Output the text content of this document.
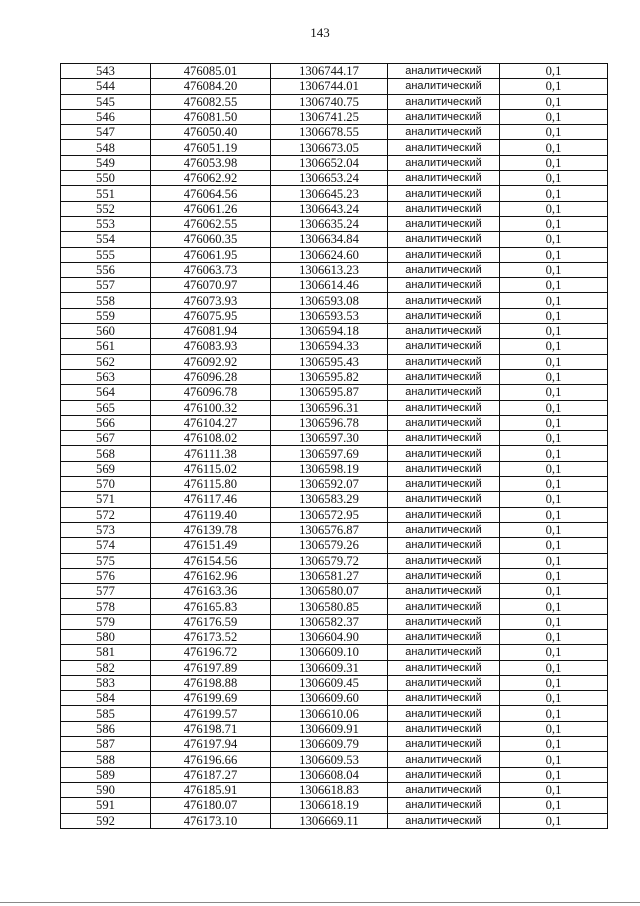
143
543	476085.01	1306744.17	аналитический	0,1
544	476084.20	1306744.01	аналитический	0,1
545	476082.55	1306740.75	аналитический	0,1
546	476081.50	1306741.25	аналитический	0,1
547	476050.40	1306678.55	аналитический	0,1
548	476051.19	1306673.05	аналитический	0,1
549	476053.98	1306652.04	аналитический	0,1
550	476062.92	1306653.24	аналитический	0,1
551	476064.56	1306645.23	аналитический	0,1
552	476061.26	1306643.24	аналитический	0,1
553	476062.55	1306635.24	аналитический	0,1
554	476060.35	1306634.84	аналитический	0,1
555	476061.95	1306624.60	аналитический	0,1
556	476063.73	1306613.23	аналитический	0,1
557	476070.97	1306614.46	аналитический	0,1
558	476073.93	1306593.08	аналитический	0,1
559	476075.95	1306593.53	аналитический	0,1
560	476081.94	1306594.18	аналитический	0,1
561	476083.93	1306594.33	аналитический	0,1
562	476092.92	1306595.43	аналитический	0,1
563	476096.28	1306595.82	аналитический	0,1
564	476096.78	1306595.87	аналитический	0,1
565	476100.32	1306596.31	аналитический	0,1
566	476104.27	1306596.78	аналитический	0,1
567	476108.02	1306597.30	аналитический	0,1
568	476111.38	1306597.69	аналитический	0,1
569	476115.02	1306598.19	аналитический	0,1
570	476115.80	1306592.07	аналитический	0,1
571	476117.46	1306583.29	аналитический	0,1
572	476119.40	1306572.95	аналитический	0,1
573	476139.78	1306576.87	аналитический	0,1
574	476151.49	1306579.26	аналитический	0,1
575	476154.56	1306579.72	аналитический	0,1
576	476162.96	1306581.27	аналитический	0,1
577	476163.36	1306580.07	аналитический	0,1
578	476165.83	1306580.85	аналитический	0,1
579	476176.59	1306582.37	аналитический	0,1
580	476173.52	1306604.90	аналитический	0,1
581	476196.72	1306609.10	аналитический	0,1
582	476197.89	1306609.31	аналитический	0,1
583	476198.88	1306609.45	аналитический	0,1
584	476199.69	1306609.60	аналитический	0,1
585	476199.57	1306610.06	аналитический	0,1
586	476198.71	1306609.91	аналитический	0,1
587	476197.94	1306609.79	аналитический	0,1
588	476196.66	1306609.53	аналитический	0,1
589	476187.27	1306608.04	аналитический	0,1
590	476185.91	1306618.83	аналитический	0,1
591	476180.07	1306618.19	аналитический	0,1
592	476173.10	1306669.11	аналитический	0,1
